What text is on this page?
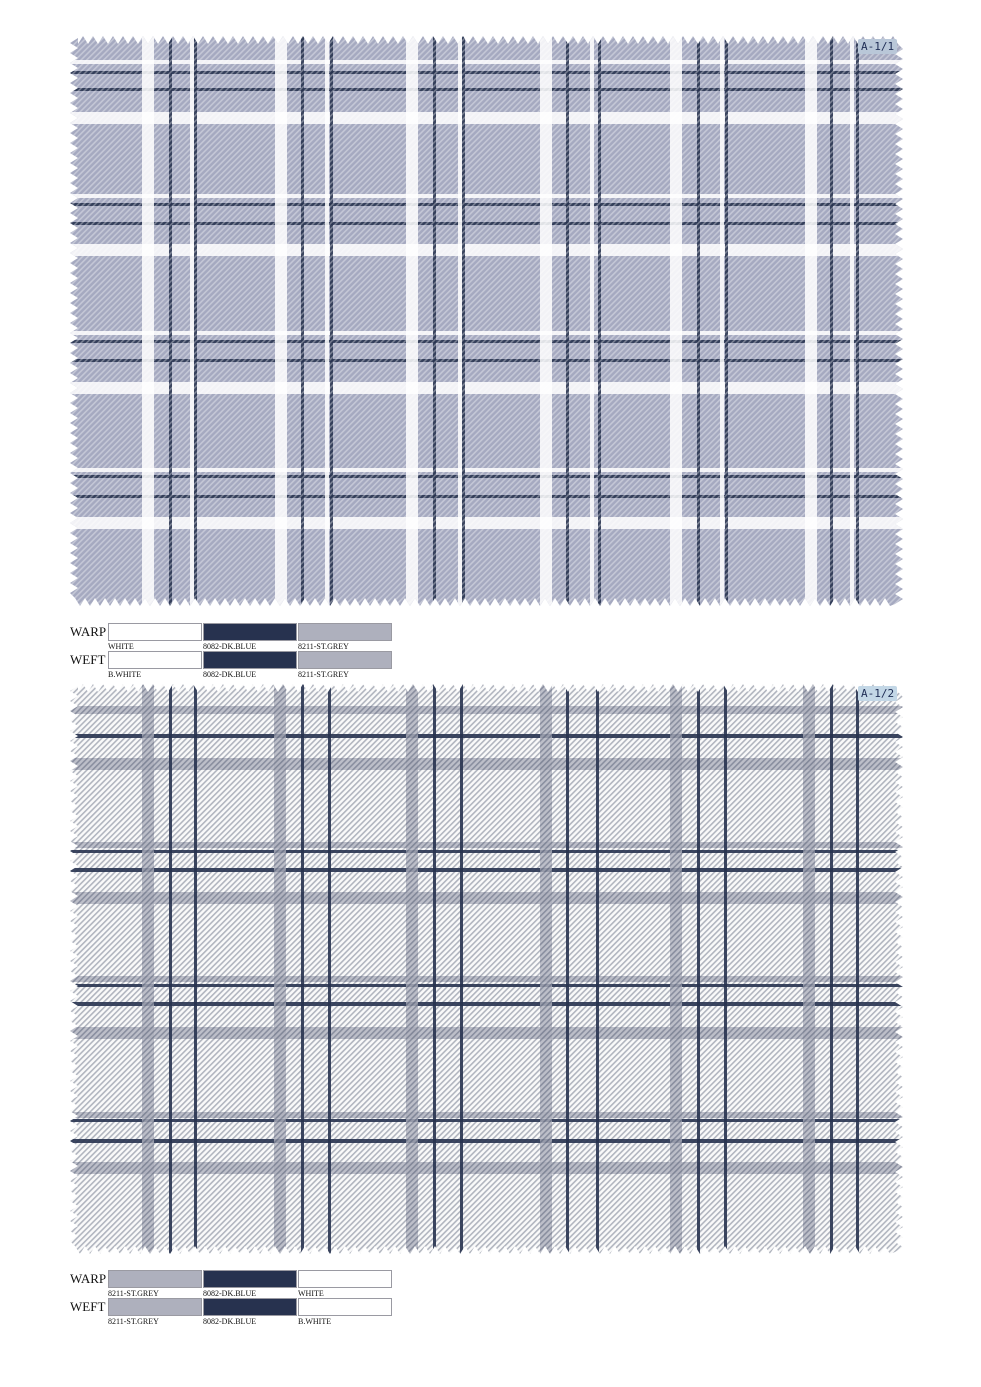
A-1/1
WARP
WHITE	8082-DK.BLUE	8211-ST.GREY
WEFT
B.WHITE	8082-DK.BLUE	8211-ST.GREY
A-1/2
WARP
8211-ST.GREY	8082-DK.BLUE	WHITE
WEFT
8211-ST.GREY	8082-DK.BLUE	B.WHITE
